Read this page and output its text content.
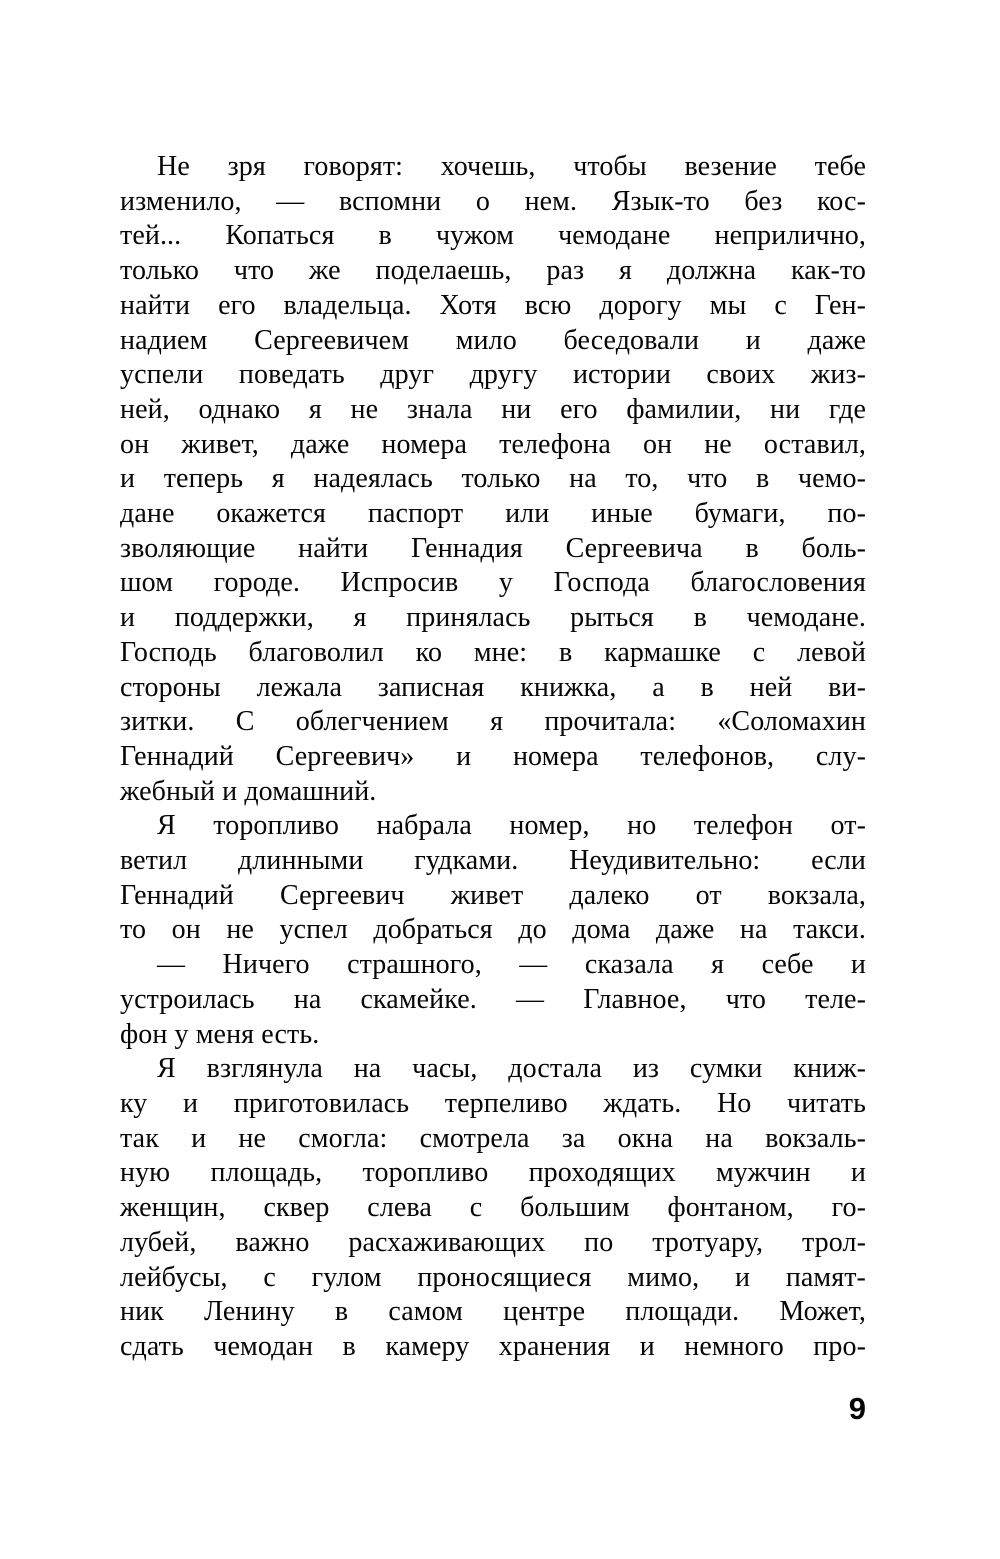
Не зря говорят: хочешь, чтобы везение тебе
изменило, — вспомни о нем. Язык-то без кос-
тей... Копаться в чужом чемодане неприлично,
только что же поделаешь, раз я должна как-то
найти его владельца. Хотя всю дорогу мы с Ген-
надием Сергеевичем мило беседовали и даже
успели поведать друг другу истории своих жиз-
ней, однако я не знала ни его фамилии, ни где
он живет, даже номера телефона он не оставил,
и теперь я надеялась только на то, что в чемо-
дане окажется паспорт или иные бумаги, по-
зволяющие найти Геннадия Сергеевича в боль-
шом городе. Испросив у Господа благословения
и поддержки, я принялась рыться в чемодане.
Господь благоволил ко мне: в кармашке с левой
стороны лежала записная книжка, а в ней ви-
зитки. С облегчением я прочитала: «Соломахин
Геннадий Сергеевич» и номера телефонов, слу-
жебный и домашний.
Я торопливо набрала номер, но телефон от-
ветил длинными гудками. Неудивительно: если
Геннадий Сергеевич живет далеко от вокзала,
то он не успел добраться до дома даже на такси.
— Ничего страшного, — сказала я себе и
устроилась на скамейке. — Главное, что теле-
фон у меня есть.
Я взглянула на часы, достала из сумки книж-
ку и приготовилась терпеливо ждать. Но читать
так и не смогла: смотрела за окна на вокзаль-
ную площадь, торопливо проходящих мужчин и
женщин, сквер слева с большим фонтаном, го-
лубей, важно расхаживающих по тротуару, трол-
лейбусы, с гулом проносящиеся мимо, и памят-
ник Ленину в самом центре площади. Может,
сдать чемодан в камеру хранения и немного про-
9
